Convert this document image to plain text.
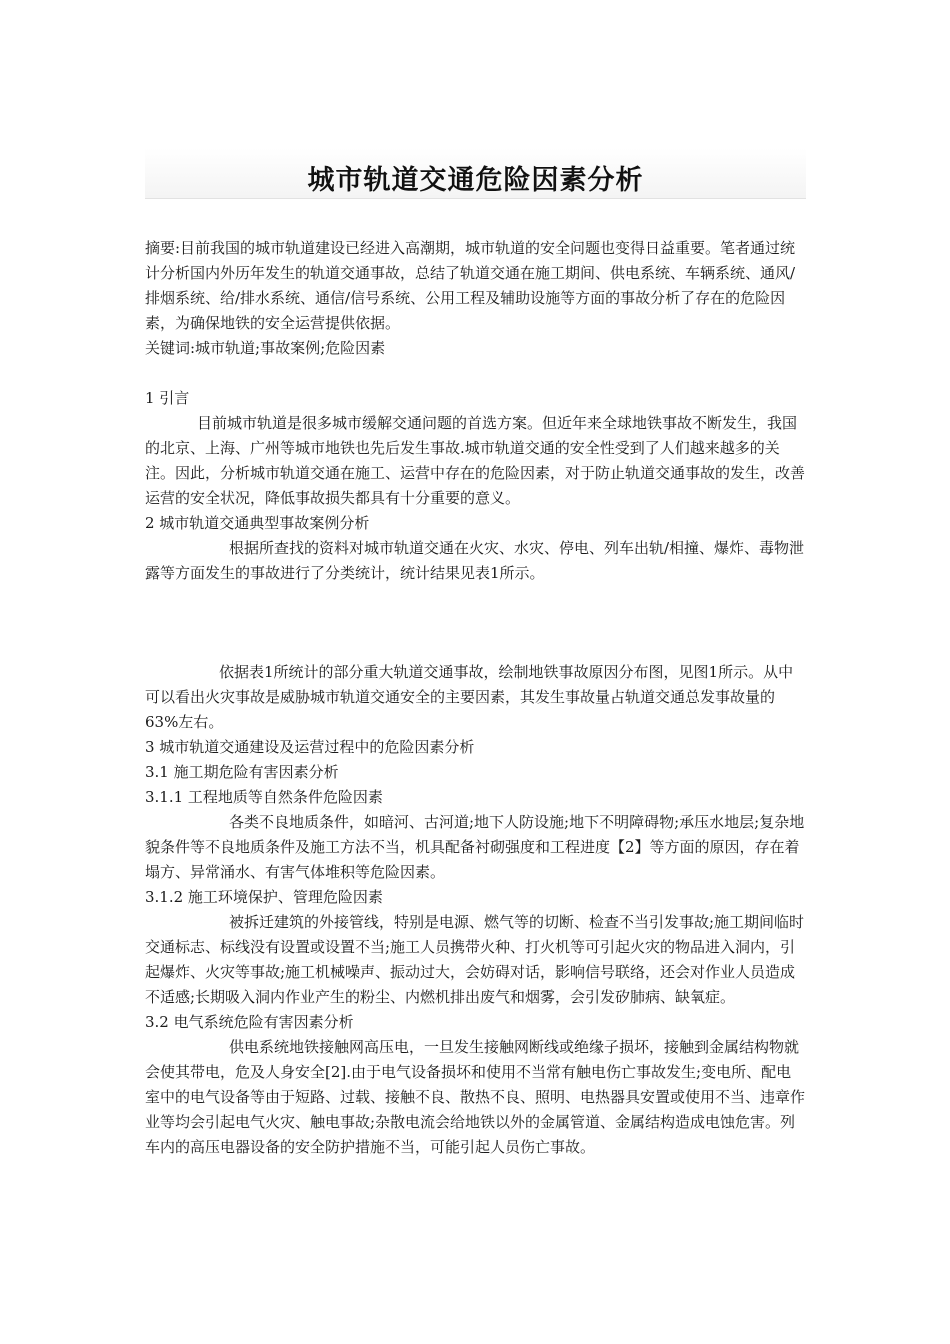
城市轨道交通危险因素分析

摘要:目前我国的城市轨道建设已经进入高潮期，城市轨道的安全问题也变得日益重要。笔者通过统计分析国内外历年发生的轨道交通事故，总结了轨道交通在施工期间、供电系统、车辆系统、通风/排烟系统、给/排水系统、通信/信号系统、公用工程及辅助设施等方面的事故分析了存在的危险因素，为确保地铁的安全运营提供依据。

关键词:城市轨道;事故案例;危险因素

1 引言

目前城市轨道是很多城市缓解交通问题的首选方案。但近年来全球地铁事故不断发生，我国的北京、上海、广州等城市地铁也先后发生事故.城市轨道交通的安全性受到了人们越来越多的关注。因此，分析城市轨道交通在施工、运营中存在的危险因素，对于防止轨道交通事故的发生，改善运营的安全状况，降低事故损失都具有十分重要的意义。

2 城市轨道交通典型事故案例分析

根据所查找的资料对城市轨道交通在火灾、水灾、停电、列车出轨/相撞、爆炸、毒物泄露等方面发生的事故进行了分类统计，统计结果见表1所示。

依据表1所统计的部分重大轨道交通事故，绘制地铁事故原因分布图，见图1所示。从中可以看出火灾事故是威胁城市轨道交通安全的主要因素，其发生事故量占轨道交通总发事故量的63%左右。

3 城市轨道交通建设及运营过程中的危险因素分析

3.1 施工期危险有害因素分析

3.1.1 工程地质等自然条件危险因素

各类不良地质条件，如暗河、古河道;地下人防设施;地下不明障碍物;承压水地层;复杂地貌条件等不良地质条件及施工方法不当，机具配备衬砌强度和工程进度【2】等方面的原因，存在着塌方、异常涌水、有害气体堆积等危险因素。

3.1.2 施工环境保护、管理危险因素

被拆迁建筑的外接管线，特别是电源、燃气等的切断、检查不当引发事故;施工期间临时交通标志、标线没有设置或设置不当;施工人员携带火种、打火机等可引起火灾的物品进入洞内，引起爆炸、火灾等事故;施工机械噪声、振动过大，会妨碍对话，影响信号联络，还会对作业人员造成不适感;长期吸入洞内作业产生的粉尘、内燃机排出废气和烟雾，会引发矽肺病、缺氧症。

3.2 电气系统危险有害因素分析

供电系统地铁接触网高压电，一旦发生接触网断线或绝缘子损坏，接触到金属结构物就会使其带电，危及人身安全[2].由于电气设备损坏和使用不当常有触电伤亡事故发生;变电所、配电室中的电气设备等由于短路、过载、接触不良、散热不良、照明、电热器具安置或使用不当、违章作业等均会引起电气火灾、触电事故;杂散电流会给地铁以外的金属管道、金属结构造成电蚀危害。列车内的高压电器设备的安全防护措施不当，可能引起人员伤亡事故。
